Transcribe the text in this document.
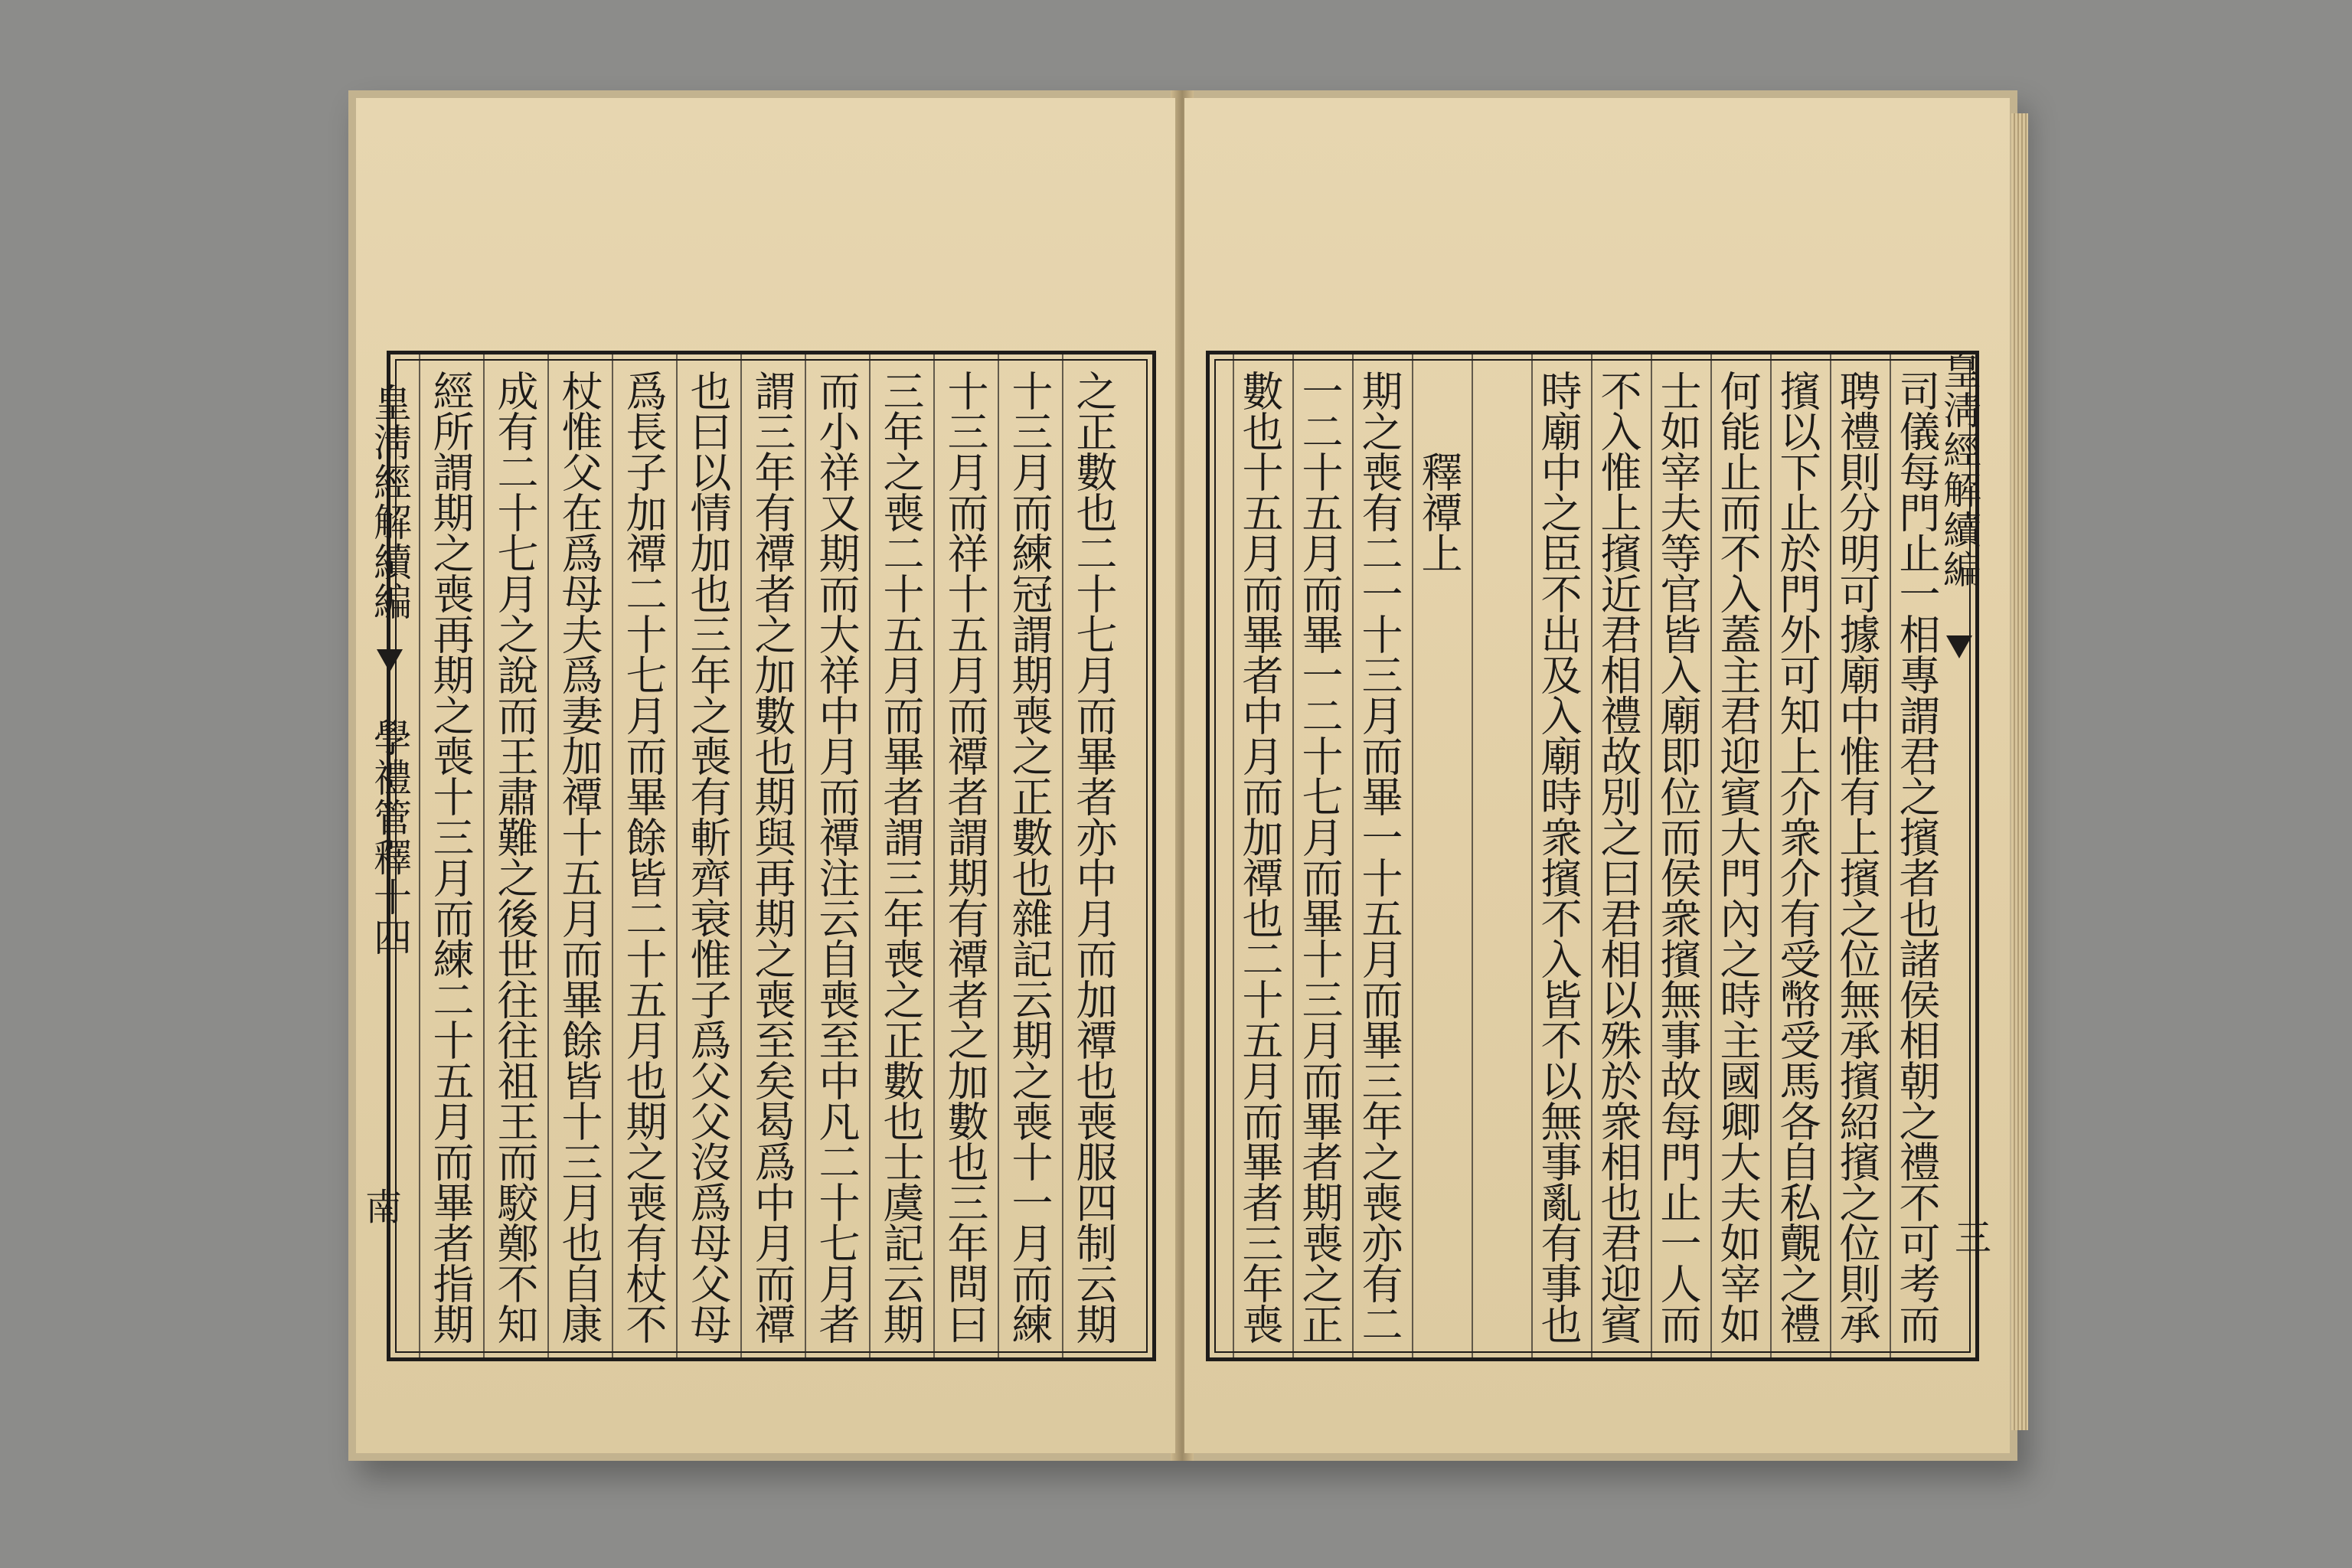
之正數也二十七月而畢者亦中月而加禫也喪服四制云期
十三月而練冠謂期喪之正數也雜記云期之喪十一月而練
十三月而祥十五月而禫者謂期有禫者之加數也三年問曰
三年之喪二十五月而畢者謂三年喪之正數也士虞記云期
而小祥又期而大祥中月而禫注云自喪至中凡二十七月者
謂三年有禫者之加數也期與再期之喪至矣曷爲中月而禫
也曰以情加也三年之喪有斬齊衰惟子爲父父沒爲母父母
爲長子加禫二十七月而畢餘皆二十五月也期之喪有杖不
杖惟父在爲母夫爲妻加禫十五月而畢餘皆十三月也自康
成有二十七月之說而王肅難之後世往往祖王而駮鄭不知
經所謂期之喪再期之喪十三月而練二十五月而畢者指期
皇淸經解續編
學禮管釋十四
南	司儀每門止一相專謂君之擯者也諸侯相朝之禮不可考而
聘禮則分明可據廟中惟有上擯之位無承擯紹擯之位則承
擯以下止於門外可知上介衆介有受幣受馬各自私覿之禮
何能止而不入蓋主君迎賓大門內之時主國卿大夫如宰如
士如宰夫等官皆入廟即位而侯衆擯無事故每門止一人而
不入惟上擯近君相禮故別之曰君相以殊於衆相也君迎賓
時廟中之臣不出及入廟時衆擯不入皆不以無事亂有事也
　　釋禫上
期之喪有二一十三月而畢一十五月而畢三年之喪亦有二
一二十五月而畢一二十七月而畢十三月而畢者期喪之正
數也十五月而畢者中月而加禫也二十五月而畢者三年喪	皇淸經解續編
三
